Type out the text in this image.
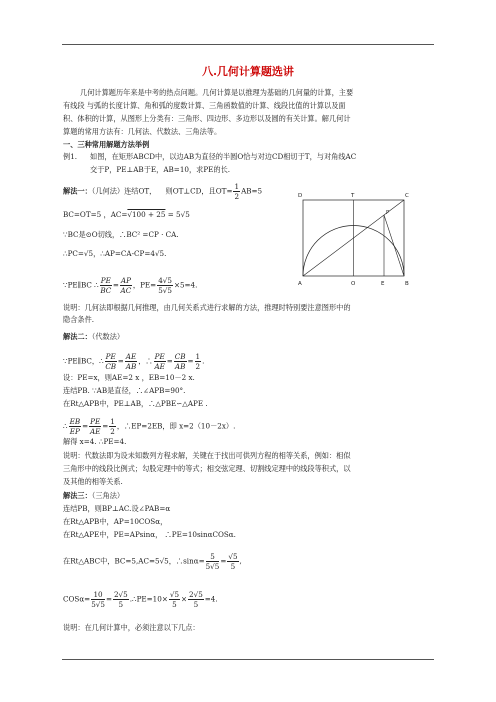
八.几何计算题选讲
几何计算题历年来是中考的热点问题。几何计算是以推理为基础的几何量的计算，主要
有线段 与弧的长度计算、角和弧的度数计算、三角函数值的计算、线段比值的计算以及面
积、体积的计算，从图形上分类有：三角形、四边形、多边形以及圆的有关计算。解几何计
算题的常用方法有：几何法、代数法、三角法等。
一、三种常用解题方法举例
例1. 如图，在矩形ABCD中，以边AB为直径的半圆O恰与对边CD相切于T，与对角线AC
交于P，PE⊥AB于E，AB=10，求PE的长.
解法一：（几何法）连结OT， 则OT⊥CD，且$OT= \frac{1}{2} AB=5$
BC=OT=5 ，AC=√100 + 25 = 5√5
∵BC是⊙O切线，∴BC² =CP · CA.
∴PC=√5，∴AP=CA-CP=4√5.
∵PE∥BC ∴ $\frac{PE}{BC} = \frac{AP}{AC}$ ，$PE= \frac{4√5}{5√5} \times 5=4$.
说明：几何法即根据几何推理，由几何关系式进行求解的方法，推理时特别要注意图形中的
隐含条件.
D	T	C
P
A	O	E	B
解法二：（代数法）
∵PE∥BC，∴ $\frac{PE}{CB} = \frac{AE}{AB}$ ，∴ $\frac{PE}{AE} = \frac{CB}{AB} = \frac{1}{2}$ .
设：PE=x，则AE=2 x ，EB=10－2 x.
连结PB. ∵AB是直径，∴∠APB=90°.
在Rt△APB中，PE⊥AB，∴△PBE∽△APE .
∴ $\frac{EB}{EP} = \frac{PE}{AE} = \frac{1}{2}$ ，∴EP=2EB，即 x=2（10－2x）.
解得 x=4. ∴PE=4.
说明：代数法即为设未知数列方程求解，关键在于找出可供列方程的相等关系，例如：相似
三角形中的线段比例式；勾股定理中的等式；相交弦定理、切割线定理中的线段等积式，以
及其他的相等关系.
解法三：（三角法）
连结PB，则BP⊥AC.设∠PAB=α
在Rt△APB中，AP=10COSα，
在Rt△APE中，PE=APsinα， ∴PE=10sinαCOSα.
在Rt△ABC中，BC=5,AC=5√5，∴sinα= $\frac{5}{5√5} = \frac{√5}{5}$ ,
$COS\alpha= \frac{10}{5√5} = \frac{2√5}{5}$ .∴PE=10× $\frac{√5}{5} \times \frac{2√5}{5} =4$.
说明：在几何计算中，必须注意以下几点：
